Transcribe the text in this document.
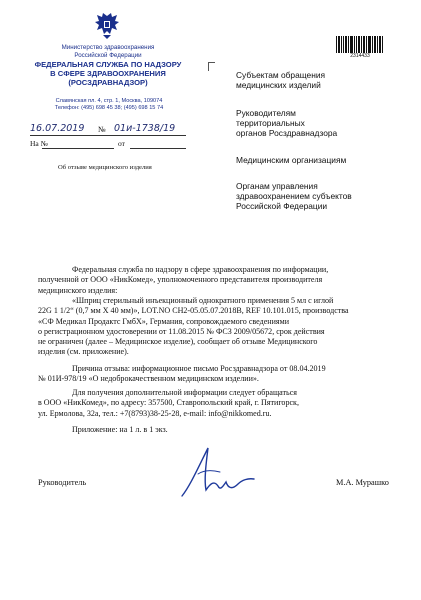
Министерство здравоохранения
Российской Федерации
ФЕДЕРАЛЬНАЯ СЛУЖБА ПО НАДЗОРУ
В СФЕРЕ ЗДРАВООХРАНЕНИЯ
(РОСЗДРАВНАДЗОР)
Славянская пл. 4, стр. 1, Москва, 109074
Телефон: (495) 698 45 38; (495) 698 15 74
16.07.2019 № 01и-1738/19
На №	от
Об отзыве медицинского изделия
2314433
Субъектам обращения
медицинских изделий
Руководителям
территориальных
органов Росздравнадзора
Медицинским организациям
Органам управления
здравоохранением субъектов
Российской Федерации
Федеральная служба по надзору в сфере здравоохранения по информации,
полученной от ООО «НикКомед», уполномоченного представителя производителя
медицинского изделия:
«Шприц стерильный инъекционный однократного применения 5 мл с иглой
22G 1 1/2“ (0,7 мм Х 40 мм)», LOT.NO CH2-05.05.07.2018B, REF 10.101.015, производства
«СФ Медикал Продактс ГмбХ», Германия, сопровождаемого сведениями
о регистрационном удостоверении от 11.08.2015 № ФСЗ 2009/05672, срок действия
не ограничен (далее – Медицинское изделие), сообщает об отзыве Медицинского
изделия (см. приложение).
Причина отзыва: информационное письмо Росздравнадзора от 08.04.2019
№ 01И-978/19 «О недоброкачественном медицинском изделии».
Для получения дополнительной информации следует обращаться
в ООО «НикКомед», по адресу: 357500, Ставропольский край, г. Пятигорск,
ул. Ермолова, 32а, тел.: +7(8793)38-25-28, e-mail: info@nikkomed.ru.
Приложение: на 1 л. в 1 экз.
Руководитель	М.А. Мурашко
